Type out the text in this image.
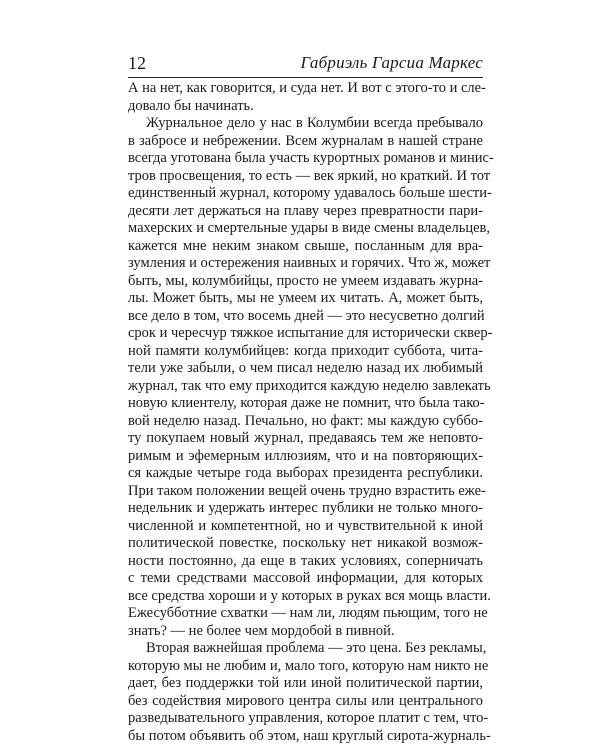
12	Габриэль Гарсиа Маркес
А на нет, как говорится, и суда нет. И вот с этого-то и сле-
довало бы начинать.
Журнальное дело у нас в Колумбии всегда пребывало
в забросе и небрежении. Всем журналам в нашей стране
всегда уготована была участь курортных романов и минис-
тров просвещения, то есть — век яркий, но краткий. И тот
единственный журнал, которому удавалось больше шести-
десяти лет держаться на плаву через превратности пари-
махерских и смертельные удары в виде смены владельцев,
кажется мне неким знаком свыше, посланным для вра-
зумления и остережения наивных и горячих. Что ж, может
быть, мы, колумбийцы, просто не умеем издавать журна-
лы. Может быть, мы не умеем их читать. А, может быть,
все дело в том, что восемь дней — это несусветно долгий
срок и чересчур тяжкое испытание для исторически сквер-
ной памяти колумбийцев: когда приходит суббота, чита-
тели уже забыли, о чем писал неделю назад их любимый
журнал, так что ему приходится каждую неделю завлекать
новую клиентелу, которая даже не помнит, что была тако-
вой неделю назад. Печально, но факт: мы каждую суббо-
ту покупаем новый журнал, предаваясь тем же неповто-
римым и эфемерным иллюзиям, что и на повторяющих-
ся каждые четыре года выборах президента республики.
При таком положении вещей очень трудно взрастить еже-
недельник и удержать интерес публики не только много-
численной и компетентной, но и чувствительной к иной
политической повестке, поскольку нет никакой возмож-
ности постоянно, да еще в таких условиях, соперничать
с теми средствами массовой информации, для которых
все средства хороши и у которых в руках вся мощь власти.
Ежесубботние схватки — нам ли, людям пьющим, того не
знать? — не более чем мордобой в пивной.
Вторая важнейшая проблема — это цена. Без рекламы,
которую мы не любим и, мало того, которую нам никто не
дает, без поддержки той или иной политической партии,
без содействия мирового центра силы или центрального
разведывательного управления, которое платит с тем, что-
бы потом объявить об этом, наш круглый сирота-журналь-
